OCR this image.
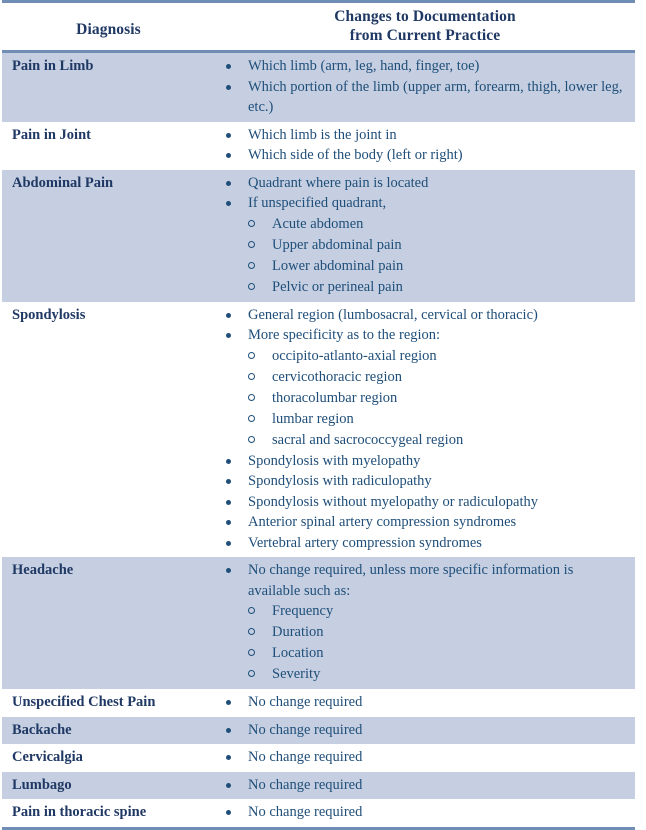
Diagnosis	Changes to Documentation
from Current Practice

Pain in Limb	Which limb (arm, leg, hand, finger, toe)
Which portion of the limb (upper arm, forearm, thigh, lower leg, etc.)

Pain in Joint	Which limb is the joint in
Which side of the body (left or right)

Abdominal Pain	Quadrant where pain is located
If unspecified quadrant,
Acute abdomen
Upper abdominal pain
Lower abdominal pain
Pelvic or perineal pain

Spondylosis	General region (lumbosacral, cervical or thoracic)
More specificity as to the region:
occipito-atlanto-axial region
cervicothoracic region
thoracolumbar region
lumbar region
sacral and sacrococcygeal region
Spondylosis with myelopathy
Spondylosis with radiculopathy
Spondylosis without myelopathy or radiculopathy
Anterior spinal artery compression syndromes
Vertebral artery compression syndromes

Headache	No change required, unless more specific information is available such as:
Frequency
Duration
Location
Severity

Unspecified Chest Pain	No change required

Backache	No change required

Cervicalgia	No change required

Lumbago	No change required

Pain in thoracic spine	No change required
